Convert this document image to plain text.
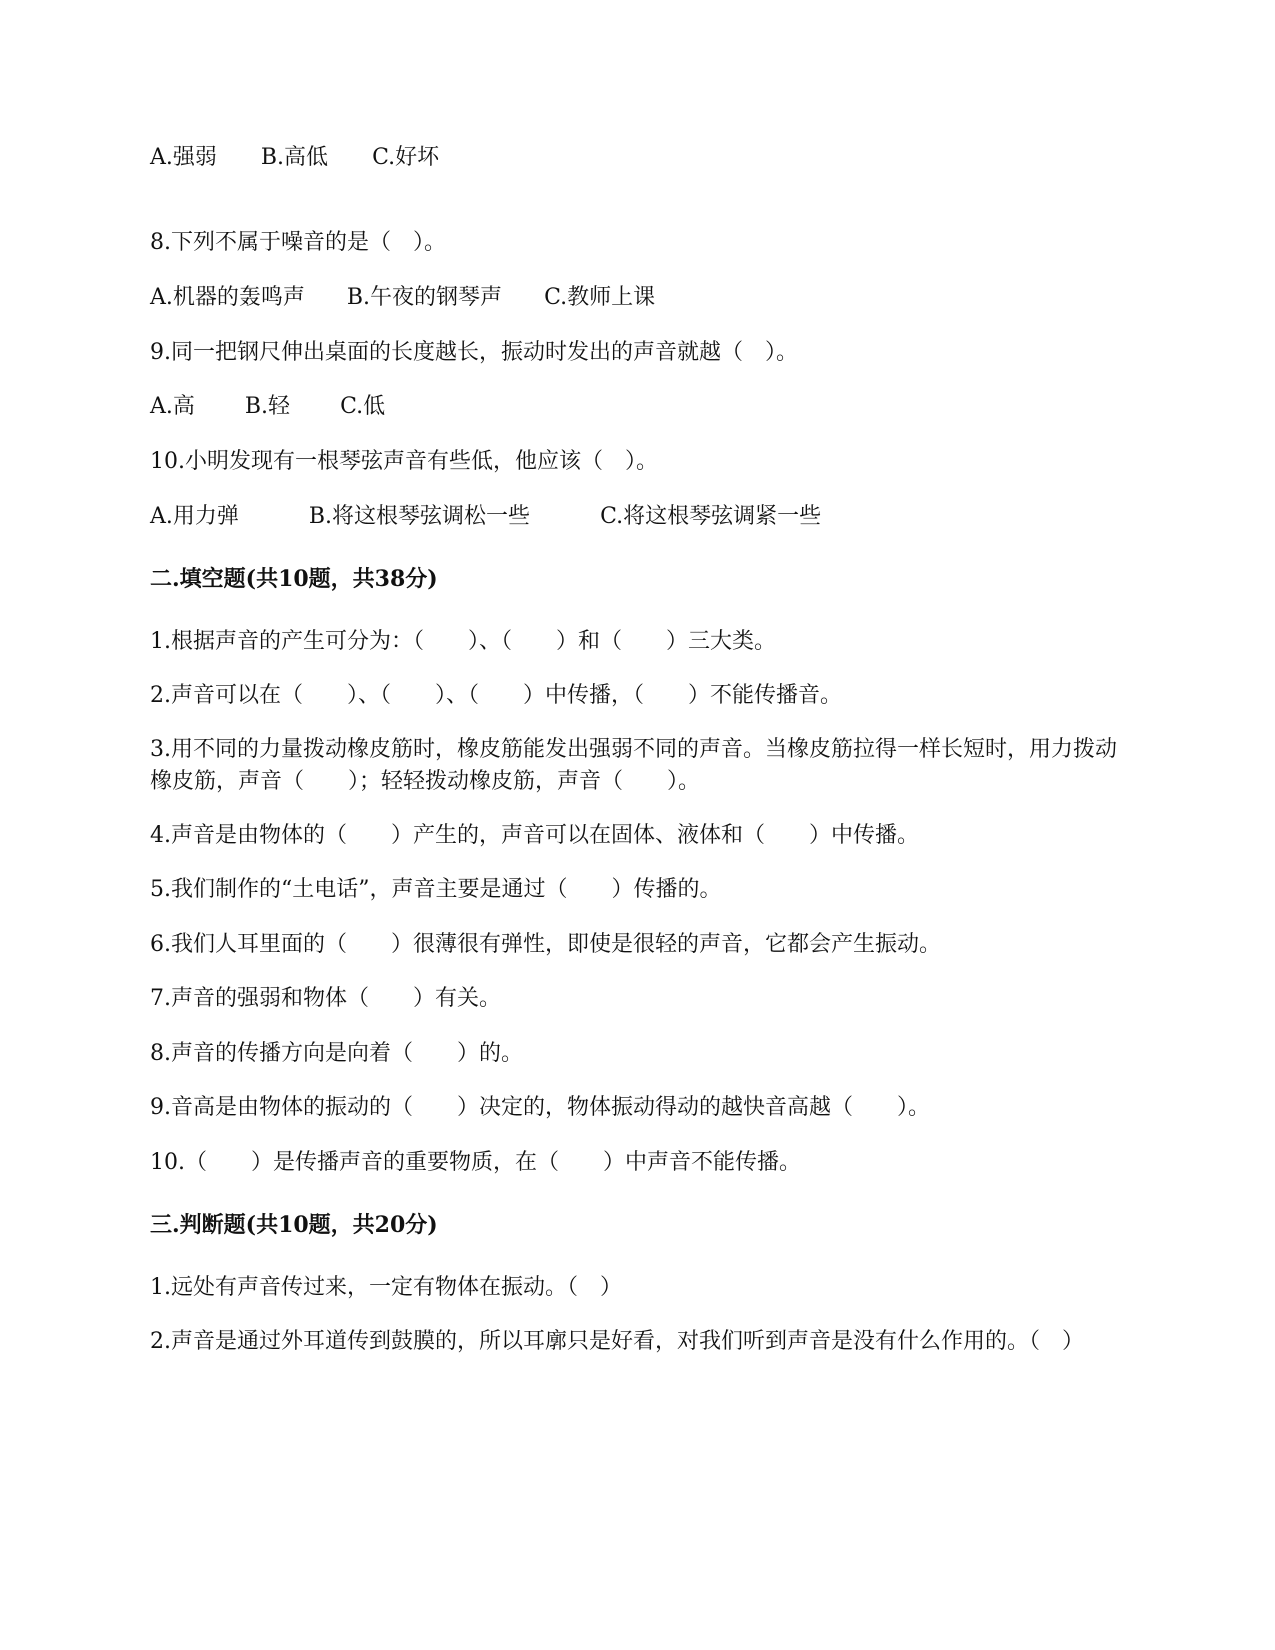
A.强弱 B.高低 C.好坏
8.下列不属于噪音的是（　）。
A.机器的轰鸣声 B.午夜的钢琴声 C.教师上课
9.同一把钢尺伸出桌面的长度越长，振动时发出的声音就越（　）。
A.高 B.轻 C.低
10.小明发现有一根琴弦声音有些低，他应该（　）。
A.用力弹	B.将这根琴弦调松一些	C.将这根琴弦调紧一些
二.填空题(共10题，共38分)
1.根据声音的产生可分为：（　　）、（　　）和（　　）三大类。
2.声音可以在（　　）、（　　）、（　　）中传播，（　　）不能传播音。
3.用不同的力量拨动橡皮筋时，橡皮筋能发出强弱不同的声音。当橡皮筋拉得一样长短时，用力拨动橡皮筋，声音（　　）；轻轻拨动橡皮筋，声音（　　）。
4.声音是由物体的（　　）产生的，声音可以在固体、液体和（　　）中传播。
5.我们制作的“土电话”，声音主要是通过（　　）传播的。
6.我们人耳里面的（　　）很薄很有弹性，即使是很轻的声音，它都会产生振动。
7.声音的强弱和物体（　　）有关。
8.声音的传播方向是向着（　　）的。
9.音高是由物体的振动的（　　）决定的，物体振动得动的越快音高越（　　）。
10.（　　）是传播声音的重要物质，在（　　）中声音不能传播。
三.判断题(共10题，共20分)
1.远处有声音传过来，一定有物体在振动。（　）
2.声音是通过外耳道传到鼓膜的，所以耳廓只是好看，对我们听到声音是没有什么作用的。（　）
